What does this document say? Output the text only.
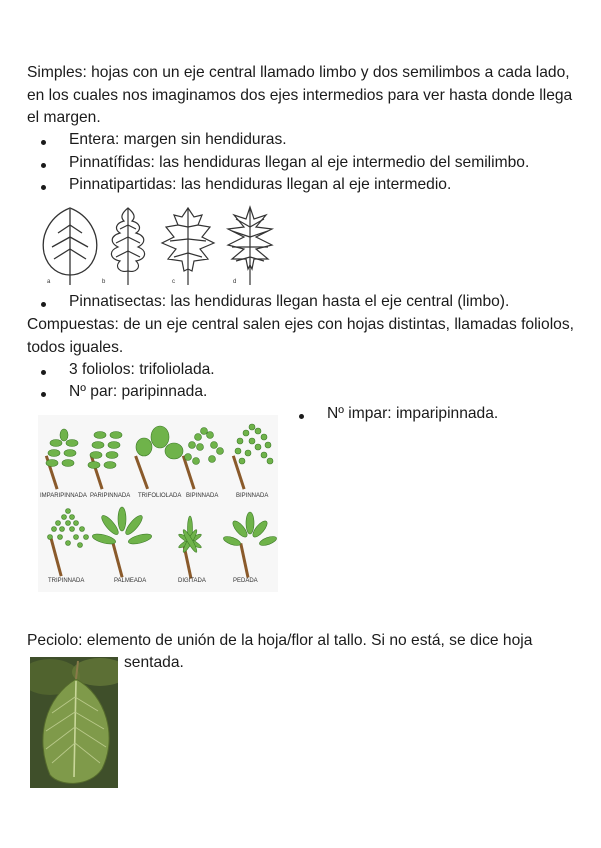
Simples: hojas con un eje central llamado limbo y dos semilimbos a cada lado, en los cuales nos imaginamos dos ejes intermedios para ver hasta donde llega el margen.
Entera: margen sin hendiduras.
Pinnatífidas: las hendiduras llegan al eje intermedio del semilimbo.
Pinnatipartidas: las hendiduras llegan al eje intermedio.
a	b	c	d
Pinnatisectas: las hendiduras llegan hasta el eje central (limbo).
Compuestas: de un eje central salen ejes con hojas distintas, llamadas foliolos, todos iguales.
3 foliolos: trifoliolada.
Nº par: paripinnada.
Nº impar: imparipinnada.
IMPARIPINNADA PARIPINNADA TRIFOLIOLADA BIPINNADA	BIPINNADA
TRIPINNADA	PALMEADA	DIGITADA	PEDADA
Peciolo: elemento de unión de la hoja/flor al tallo. Si no está, se dice hoja
sentada.
